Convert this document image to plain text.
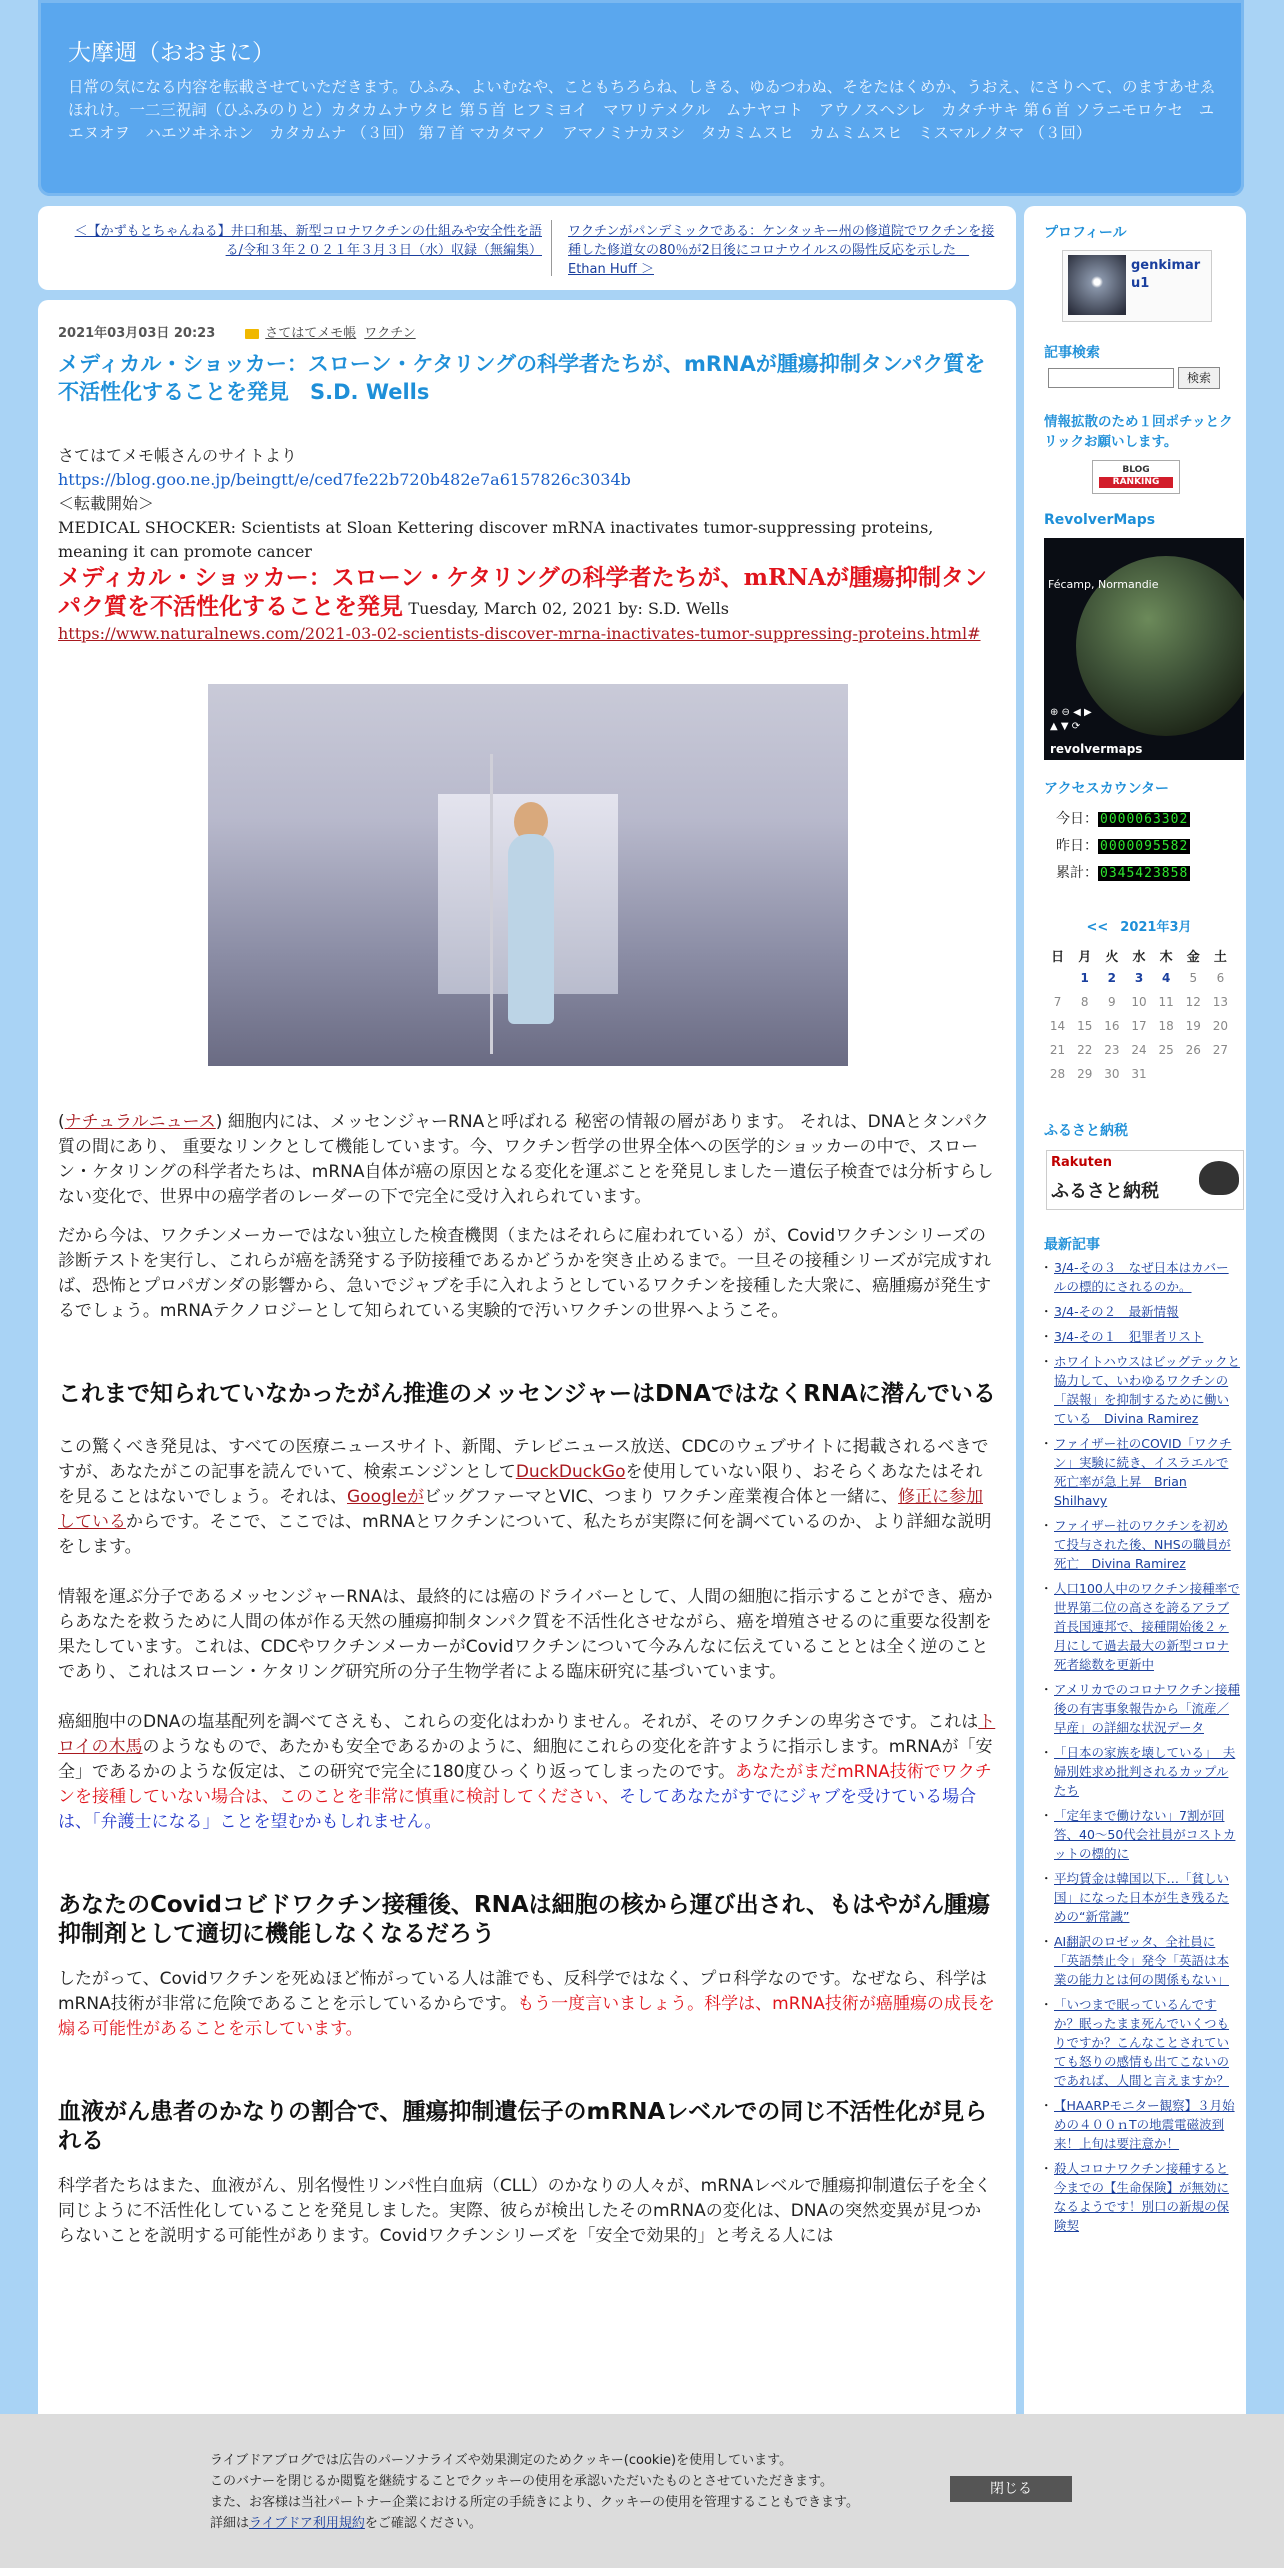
大摩週（おおまに）

日常の気になる内容を転載させていただきます。ひふみ、よいむなや、こともちろらね、しきる、ゆゐつわぬ、そをたはくめか、うおえ、にさりへて、のますあせゑほれけ。一二三祝詞（ひふみのりと）カタカムナウタヒ 第５首 ヒフミヨイ　マワリテメクル　ムナヤコト　アウノスヘシレ　カタチサキ 第６首 ソラニモロケセ　ユエヌオヲ　ハエツヰネホン　カタカムナ （３回） 第７首 マカタマノ　アマノミナカヌシ　タカミムスヒ　カムミムスヒ　ミスマルノタマ （３回）

＜【かずもとちゃんねる】井口和基、新型コロナワクチンの仕組みや安全性を語る/令和３年２０２１年３月３日（水）収録（無編集）
ワクチンがパンデミックである：ケンタッキー州の修道院でワクチンを接種した修道女の80％が2日後にコロナウイルスの陽性反応を示した　Ethan Huff ＞
2021年03月03日 20:23	さてはてメモ帳 ワクチン
メディカル・ショッカー：スローン・ケタリングの科学者たちが、mRNAが腫瘍抑制タンパク質を不活性化することを発見　S.D. Wells
さてはてメモ帳さんのサイトより
https://blog.goo.ne.jp/beingtt/e/ced7fe22b720b482e7a6157826c3034b
＜転載開始＞
MEDICAL SHOCKER: Scientists at Sloan Kettering discover mRNA inactivates tumor-suppressing proteins, meaning it can promote cancer
メディカル・ショッカー：スローン・ケタリングの科学者たちが、mRNAが腫瘍抑制タンパク質を不活性化することを発見 Tuesday, March 02, 2021 by: S.D. Wells
https://www.naturalnews.com/2021-03-02-scientists-discover-mrna-inactivates-tumor-suppressing-proteins.html#

(ナチュラルニュース) 細胞内には、メッセンジャーRNAと呼ばれる 秘密の情報の層があります。 それは、DNAとタンパク質の間にあり、 重要なリンクとして機能しています。今、ワクチン哲学の世界全体への医学的ショッカーの中で、スローン・ケタリングの科学者たちは、mRNA自体が癌の原因となる変化を運ぶことを発見しました－遺伝子検査では分析すらしない変化で、世界中の癌学者のレーダーの下で完全に受け入れられています。

だから今は、ワクチンメーカーではない独立した検査機関（またはそれらに雇われている）が、Covidワクチンシリーズの診断テストを実行し、これらが癌を誘発する予防接種であるかどうかを突き止めるまで。一旦その接種シリーズが完成すれば、恐怖とプロパガンダの影響から、急いでジャブを手に入れようとしているワクチンを接種した大衆に、癌腫瘍が発生するでしょう。mRNAテクノロジーとして知られている実験的で汚いワクチンの世界へようこそ。

これまで知られていなかったがん推進のメッセンジャーはDNAではなくRNAに潜んでいる

この驚くべき発見は、すべての医療ニュースサイト、新聞、テレビニュース放送、CDCのウェブサイトに掲載されるべきですが、あなたがこの記事を読んでいて、検索エンジンとしてDuckDuckGoを使用していない限り、おそらくあなたはそれを見ることはないでしょう。それは、GoogleがビッグファーマとVIC、つまり ワクチン産業複合体と一緒に、修正に参加しているからです。そこで、ここでは、mRNAとワクチンについて、私たちが実際に何を調べているのか、より詳細な説明をします。

情報を運ぶ分子であるメッセンジャーRNAは、最終的には癌のドライバーとして、人間の細胞に指示することができ、癌からあなたを救うために人間の体が作る天然の腫瘍抑制タンパク質を不活性化させながら、癌を増殖させるのに重要な役割を果たしています。これは、CDCやワクチンメーカーがCovidワクチンについて今みんなに伝えていることとは全く逆のことであり、これはスローン・ケタリング研究所の分子生物学者による臨床研究に基づいています。

癌細胞中のDNAの塩基配列を調べてさえも、これらの変化はわかりません。それが、そのワクチンの卑劣さです。これはトロイの木馬のようなもので、あたかも安全であるかのように、細胞にこれらの変化を許すように指示します。mRNAが「安全」であるかのような仮定は、この研究で完全に180度ひっくり返ってしまったのです。あなたがまだmRNA技術でワクチンを接種していない場合は、このことを非常に慎重に検討してください、そしてあなたがすでにジャブを受けている場合は、「弁護士になる」ことを望むかもしれません。

あなたのCovidコビドワクチン接種後、RNAは細胞の核から運び出され、もはやがん腫瘍抑制剤として適切に機能しなくなるだろう

したがって、Covidワクチンを死ぬほど怖がっている人は誰でも、反科学ではなく、プロ科学なのです。なぜなら、科学はmRNA技術が非常に危険であることを示しているからです。もう一度言いましょう。科学は、mRNA技術が癌腫瘍の成長を煽る可能性があることを示しています。

血液がん患者のかなりの割合で、腫瘍抑制遺伝子のmRNAレベルでの同じ不活性化が見られる

科学者たちはまた、血液がん、別名慢性リンパ性白血病（CLL）のかなりの人々が、mRNAレベルで腫瘍抑制遺伝子を全く同じように不活性化していることを発見しました。実際、彼らが検出したそのmRNAの変化は、DNAの突然変異が見つからないことを説明する可能性があります。Covidワクチンシリーズを「安全で効果的」と考える人には

プロフィール
genkimaru1
記事検索
検索
情報拡散のため１回ポチッとクリックお願いします。
BLOG
RANKING
RevolverMaps
Fécamp, Normandie
⊕ ⊖ ◀ ▶
▲ ▼ ⟳
revolvermaps
アクセスカウンター
今日： 0000063302
昨日： 0000095582
累計： 0345423858
<< 2021年3月
日	月	火	水	木	金	土
	1	2	3	4	5	6
7	8	9	10	11	12	13
14	15	16	17	18	19	20
21	22	23	24	25	26	27
28	29	30	31			
ふるさと納税
Rakuten
ふるさと納税
最新記事
・ 3/4-その３　なぜ日本はカバールの標的にされるのか。
・ 3/4-その２　最新情報
・ 3/4-その１　犯罪者リスト
・ ホワイトハウスはビッグテックと協力して、いわゆるワクチンの「誤報」を抑制するために働いている　Divina Ramirez
・ ファイザー社のCOVID「ワクチン」実験に続き、イスラエルで死亡率が急上昇　Brian Shilhavy
・ ファイザー社のワクチンを初めて投与された後、NHSの職員が死亡　Divina Ramirez
・ 人口100人中のワクチン接種率で世界第二位の高さを誇るアラブ首長国連邦で、接種開始後２ヶ月にして過去最大の新型コロナ死者総数を更新中
・ アメリカでのコロナワクチン接種後の有害事象報告から「流産／早産」の詳細な状況データ
・ 「日本の家族を壊している」　夫婦別姓求め批判されるカップルたち
・ 「定年まで働けない」7割が回答、40～50代会社員がコストカットの標的に
・ 平均賃金は韓国以下…「貧しい国」になった日本が生き残るための“新常識”
・ AI翻訳のロゼッタ、全社員に「英語禁止令」発令「英語は本業の能力とは何の関係もない」
・ 「いつまで眠っているんですか？眠ったまま死んでいくつもりですか？こんなことされていても怒りの感情も出てこないのであれば、人間と言えますか？
・ 【HAARPモニター観察】３月始めの４００ｎTの地震電磁波到来！上旬は要注意か！
・ 殺人コロナワクチン接種すると今までの【生命保険】が無効になるようです！別口の新規の保険契

ライブドアブログでは広告のパーソナライズや効果測定のためクッキー(cookie)を使用しています。
このバナーを閉じるか閲覧を継続することでクッキーの使用を承認いただいたものとさせていただきます。
また、お客様は当社パートナー企業における所定の手続きにより、クッキーの使用を管理することもできます。
詳細はライブドア利用規約をご確認ください。

閉じる
